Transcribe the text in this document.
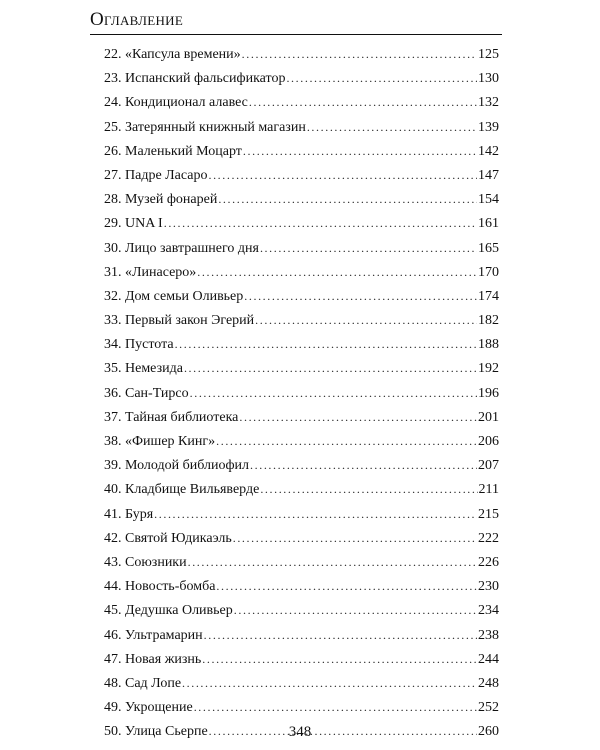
Оглавление
22. «Капсула времени» .....	125
23. Испанский фальсификатор .....	130
24. Кондиционал алавес .....	132
25. Затерянный книжный магазин .....	139
26. Маленький Моцарт .....	142
27. Падре Ласаро .....	147
28. Музей фонарей .....	154
29. UNA I .....	161
30. Лицо завтрашнего дня .....	165
31. «Линасеро» .....	170
32. Дом семьи Оливьер .....	174
33. Первый закон Эгерий .....	182
34. Пустота .....	188
35. Немезида .....	192
36. Сан-Тирсо .....	196
37. Тайная библиотека .....	201
38. «Фишер Кинг» .....	206
39. Молодой библиофил .....	207
40. Кладбище Вильяверде .....	211
41. Буря .....	215
42. Святой Юдикаэль .....	222
43. Союзники .....	226
44. Новость-бомба .....	230
45. Дедушка Оливьер .....	234
46. Ультрамарин .....	238
47. Новая жизнь .....	244
48. Сад Лопе .....	248
49. Укрощение .....	252
50. Улица Сьерпе .....	260
348
